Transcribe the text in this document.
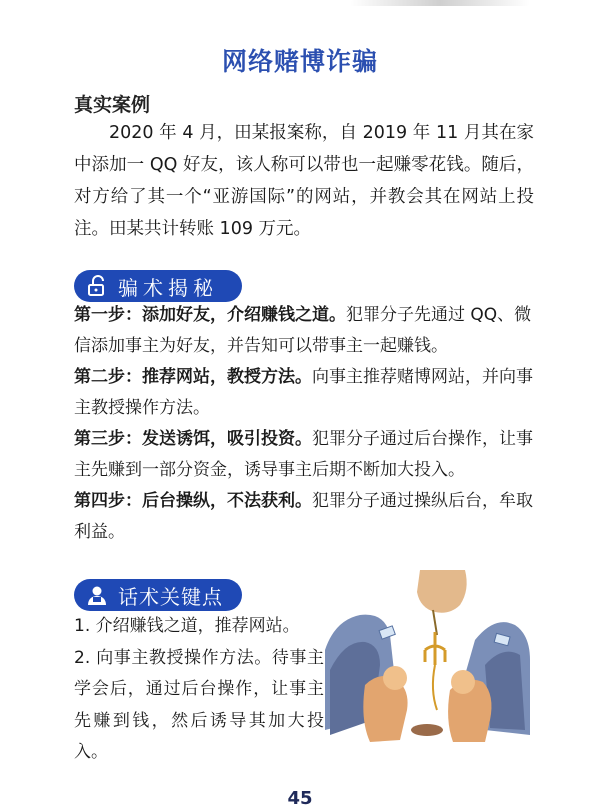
网络赌博诈骗
真实案例

2020 年 4 月，田某报案称，自 2019 年 11 月其在家中添加一 QQ 好友，该人称可以带也一起赚零花钱。随后，对方给了其一个“亚游国际”的网站，并教会其在网站上投注。田某共计转账 109 万元。

骗术揭秘

第一步：添加好友，介绍赚钱之道。犯罪分子先通过 QQ、微信添加事主为好友，并告知可以带事主一起赚钱。

第二步：推荐网站，教授方法。向事主推荐赌博网站，并向事主教授操作方法。

第三步：发送诱饵，吸引投资。犯罪分子通过后台操作，让事主先赚到一部分资金，诱导事主后期不断加大投入。

第四步：后台操纵，不法获利。犯罪分子通过操纵后台，牟取利益。

话术关键点

1. 介绍赚钱之道，推荐网站。

2. 向事主教授操作方法。待事主学会后，通过后台操作，让事主先赚到钱，然后诱导其加大投入。

45
